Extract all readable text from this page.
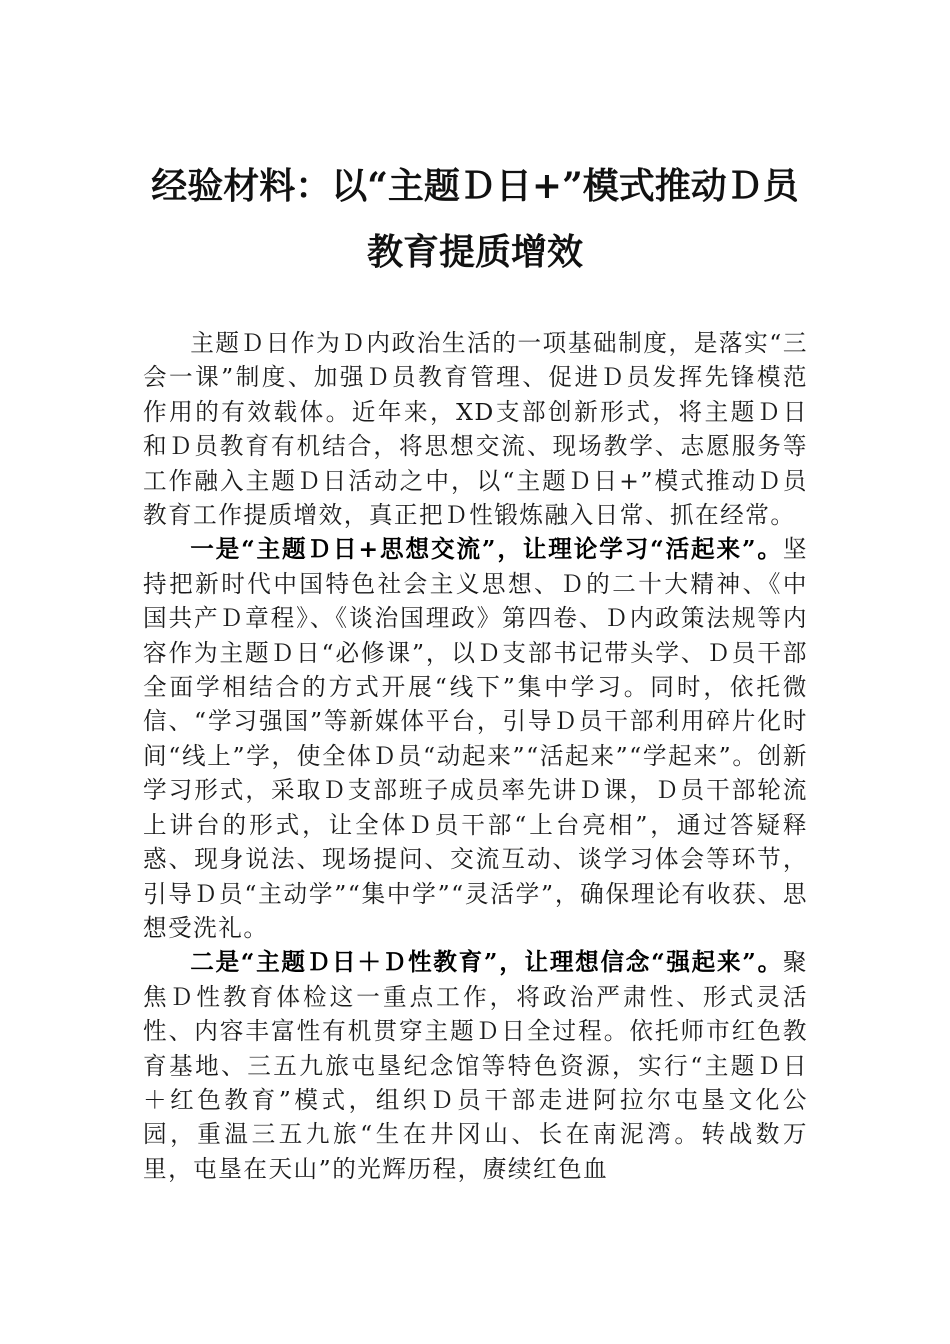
经验材料：以“主题Ｄ日+”模式推动Ｄ员
教育提质增效

主题Ｄ日作为Ｄ内政治生活的一项基础制度，是落实“三会一课”制度、加强Ｄ员教育管理、促进Ｄ员发挥先锋模范作用的有效载体。近年来，XD支部创新形式，将主题Ｄ日和Ｄ员教育有机结合，将思想交流、现场教学、志愿服务等工作融入主题Ｄ日活动之中，以“主题Ｄ日+”模式推动Ｄ员教育工作提质增效，真正把Ｄ性锻炼融入日常、抓在经常。

一是“主题Ｄ日+思想交流”，让理论学习“活起来”。坚持把新时代中国特色社会主义思想、Ｄ的二十大精神、《中国共产Ｄ章程》、《谈治国理政》第四卷、Ｄ内政策法规等内容作为主题Ｄ日“必修课”，以Ｄ支部书记带头学、Ｄ员干部全面学相结合的方式开展“线下”集中学习。同时，依托微信、“学习强国”等新媒体平台，引导Ｄ员干部利用碎片化时间“线上”学，使全体Ｄ员“动起来”“活起来”“学起来”。创新学习形式，采取Ｄ支部班子成员率先讲Ｄ课，Ｄ员干部轮流上讲台的形式，让全体Ｄ员干部“上台亮相”，通过答疑释惑、现身说法、现场提问、交流互动、谈学习体会等环节，引导Ｄ员“主动学”“集中学”“灵活学”，确保理论有收获、思想受洗礼。

二是“主题Ｄ日＋Ｄ性教育”，让理想信念“强起来”。聚焦Ｄ性教育体检这一重点工作，将政治严肃性、形式灵活性、内容丰富性有机贯穿主题Ｄ日全过程。依托师市红色教育基地、三五九旅屯垦纪念馆等特色资源，实行“主题Ｄ日＋红色教育”模式，组织Ｄ员干部走进阿拉尔屯垦文化公园，重温三五九旅“生在井冈山、长在南泥湾。转战数万里，屯垦在天山”的光辉历程，赓续红色血
